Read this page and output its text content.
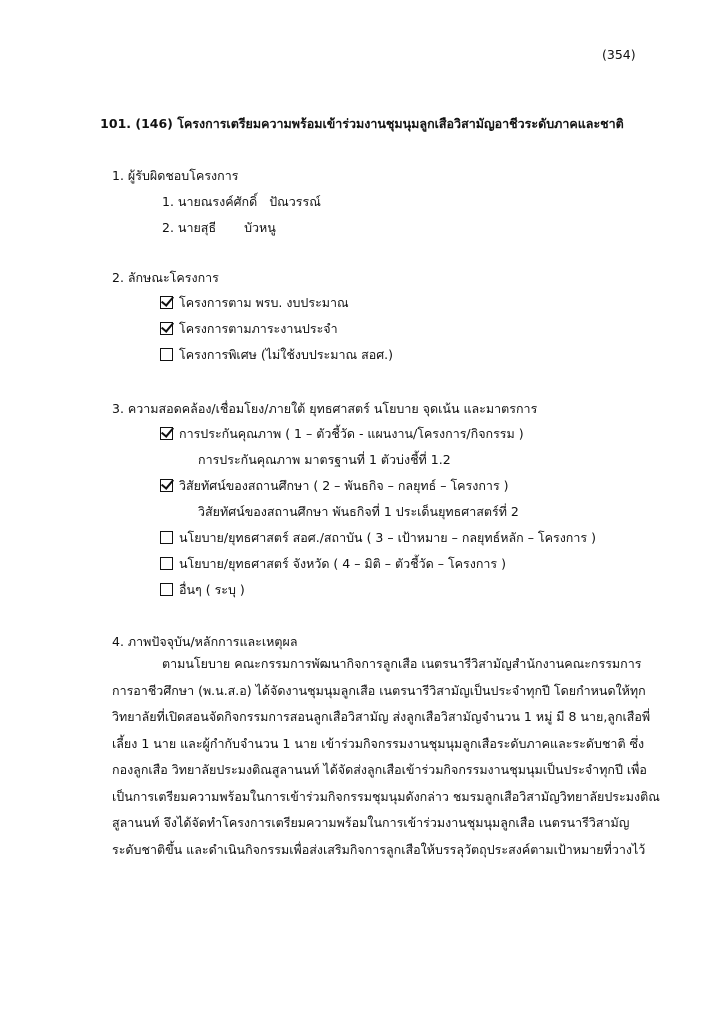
(354)
101. (146) โครงการเตรียมความพร้อมเข้าร่วมงานชุมนุมลูกเสือวิสามัญอาชีวระดับภาคและชาติ
1. ผู้รับผิดชอบโครงการ
1. นายณรงค์ศักดิ์ ปัณวรรณ์
2. นายสุธี บัวหนู
2. ลักษณะโครงการ
โครงการตาม พรบ. งบประมาณ
โครงการตามภาระงานประจำ
โครงการพิเศษ (ไม่ใช้งบประมาณ สอศ.)
3. ความสอดคล้อง/เชื่อมโยง/ภายใต้ ยุทธศาสตร์ นโยบาย จุดเน้น และมาตรการ
การประกันคุณภาพ ( 1 – ตัวชี้วัด - แผนงาน/โครงการ/กิจกรรม )
การประกันคุณภาพ มาตรฐานที่ 1 ตัวบ่งชี้ที่ 1.2
วิสัยทัศน์ของสถานศึกษา ( 2 – พันธกิจ – กลยุทธ์ – โครงการ )
วิสัยทัศน์ของสถานศึกษา พันธกิจที่ 1 ประเด็นยุทธศาสตร์ที่ 2
นโยบาย/ยุทธศาสตร์ สอศ./สถาบัน ( 3 – เป้าหมาย – กลยุทธ์หลัก – โครงการ )
นโยบาย/ยุทธศาสตร์ จังหวัด ( 4 – มิติ – ตัวชี้วัด – โครงการ )
อื่นๆ ( ระบุ )
4. ภาพปัจจุบัน/หลักการและเหตุผล
ตามนโยบาย คณะกรรมการพัฒนากิจการลูกเสือ เนตรนารีวิสามัญสำนักงานคณะกรรมการ
การอาชีวศึกษา (พ.น.ส.อ) ได้จัดงานชุมนุมลูกเสือ เนตรนารีวิสามัญเป็นประจำทุกปี โดยกำหนดให้ทุก
วิทยาลัยที่เปิดสอนจัดกิจกรรมการสอนลูกเสือวิสามัญ ส่งลูกเสือวิสามัญจำนวน 1 หมู่ มี 8 นาย,ลูกเสือพี่
เลี้ยง 1 นาย และผู้กำกับจำนวน 1 นาย เข้าร่วมกิจกรรมงานชุมนุมลูกเสือระดับภาคและระดับชาติ ซึ่ง
กองลูกเสือ วิทยาลัยประมงติณสูลานนท์ ได้จัดส่งลูกเสือเข้าร่วมกิจกรรมงานชุมนุมเป็นประจำทุกปี เพื่อ
เป็นการเตรียมความพร้อมในการเข้าร่วมกิจกรรมชุมนุมดังกล่าว ชมรมลูกเสือวิสามัญวิทยาลัยประมงติณ
สูลานนท์ จึงได้จัดทำโครงการเตรียมความพร้อมในการเข้าร่วมงานชุมนุมลูกเสือ เนตรนารีวิสามัญ
ระดับชาติขึ้น และดำเนินกิจกรรมเพื่อส่งเสริมกิจการลูกเสือให้บรรลุวัตถุประสงค์ตามเป้าหมายที่วางไว้
